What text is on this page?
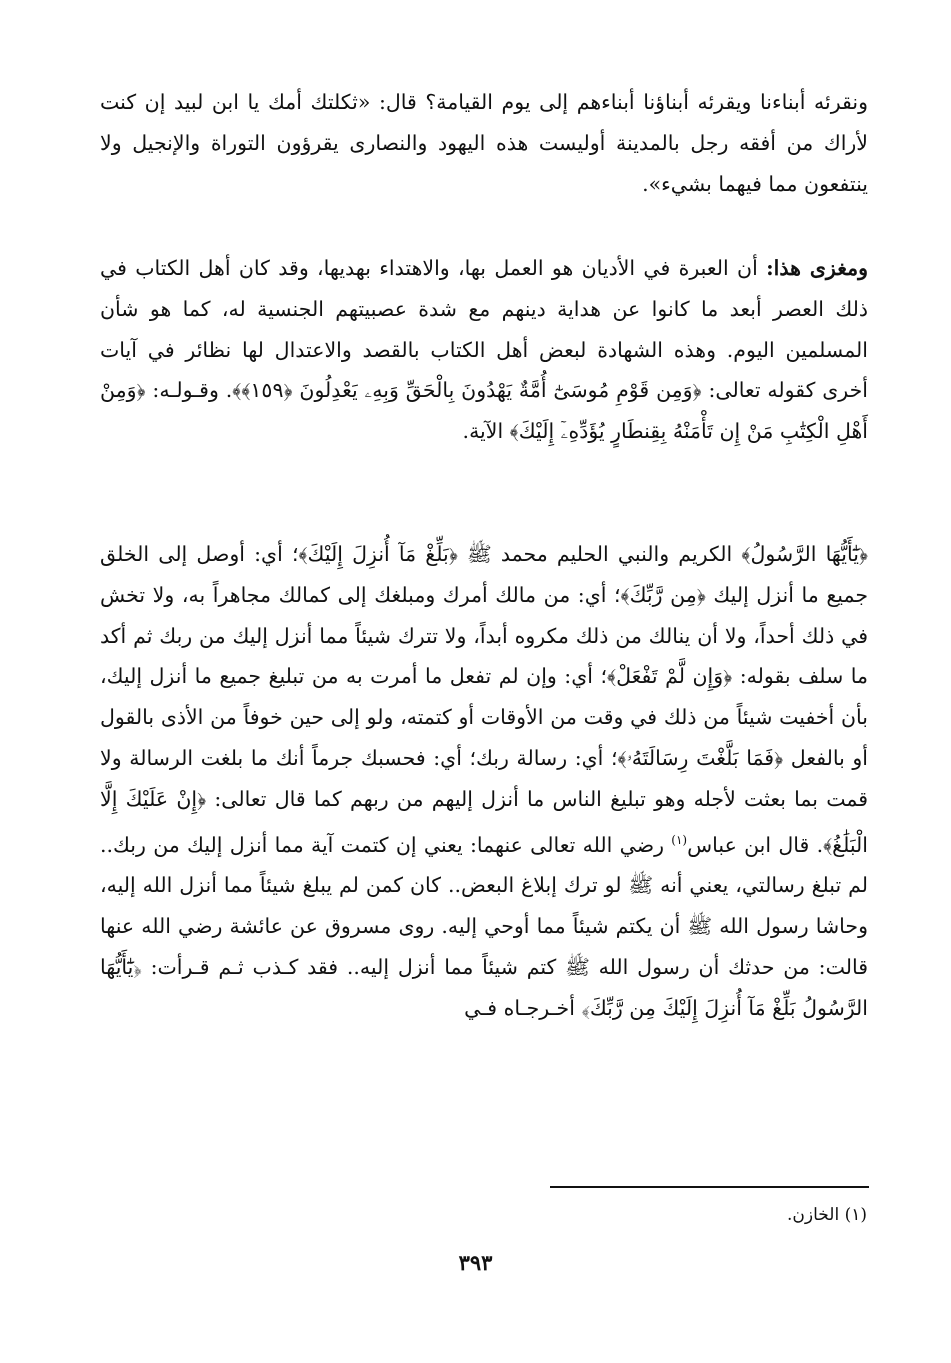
ونقرئه أبناءنا ويقرئه أبناؤنا أبناءهم إلى يوم القيامة؟ قال: «ثكلتك أمك يا ابن لبيد إن كنت لأراك من أفقه رجل بالمدينة أوليست هذه اليهود والنصارى يقرؤون التوراة والإنجيل ولا ينتفعون مما فيهما بشيء».

ومغزى هذا: أن العبرة في الأديان هو العمل بها، والاهتداء بهديها، وقد كان أهل الكتاب في ذلك العصر أبعد ما كانوا عن هداية دينهم مع شدة عصبيتهم الجنسية له، كما هو شأن المسلمين اليوم. وهذه الشهادة لبعض أهل الكتاب بالقصد والاعتدال لها نظائر في آيات أخرى كقوله تعالى: ﴿وَمِن قَوْمِ مُوسَىٰٓ أُمَّةٌ يَهْدُونَ بِالْحَقِّ وَبِهِۦ يَعْدِلُونَ ﴿١٥٩﴾﴾. وقـولـه: ﴿وَمِنْ أَهْلِ الْكِتَٰبِ مَنْ إِن تَأْمَنْهُ بِقِنطَارٍ يُؤَدِّهِۦٓ إِلَيْكَ﴾ الآية.

﴿يَٰٓأَيُّهَا الرَّسُولُ﴾ الكريم والنبي الحليم محمد ﷺ ﴿بَلِّغْ مَآ أُنزِلَ إِلَيْكَ﴾؛ أي: أوصل إلى الخلق جميع ما أنزل إليك ﴿مِن رَّبِّكَ﴾؛ أي: من مالك أمرك ومبلغك إلى كمالك مجاهراً به، ولا تخش في ذلك أحداً، ولا أن ينالك من ذلك مكروه أبداً، ولا تترك شيئاً مما أنزل إليك من ربك ثم أكد ما سلف بقوله: ﴿وَإِن لَّمْ تَفْعَلْ﴾؛ أي: وإن لم تفعل ما أمرت به من تبليغ جميع ما أنزل إليك، بأن أخفيت شيئاً من ذلك في وقت من الأوقات أو كتمته، ولو إلى حين خوفاً من الأذى بالقول أو بالفعل ﴿فَمَا بَلَّغْتَ رِسَالَتَهُۥ﴾؛ أي: رسالة ربك؛ أي: فحسبك جرماً أنك ما بلغت الرسالة ولا قمت بما بعثت لأجله وهو تبليغ الناس ما أنزل إليهم من ربهم كما قال تعالى: ﴿إِنْ عَلَيْكَ إِلَّا الْبَلَٰغُ﴾. قال ابن عباس$^{(١)}$ رضي الله تعالى عنهما: يعني إن كتمت آية مما أنزل إليك من ربك.. لم تبلغ رسالتي، يعني أنه ﷺ لو ترك إبلاغ البعض.. كان كمن لم يبلغ شيئاً مما أنزل الله إليه، وحاشا رسول الله ﷺ أن يكتم شيئاً مما أوحي إليه. روى مسروق عن عائشة رضي الله عنها قالت: من حدثك أن رسول الله ﷺ كتم شيئاً مما أنزل إليه.. فقد كـذب ثـم قـرأت: ﴿يَٰٓأَيُّهَا الرَّسُولُ بَلِّغْ مَآ أُنزِلَ إِلَيْكَ مِن رَّبِّكَ﴾ أخـرجـاه فـي

(١) الخازن.

٣٩٣
